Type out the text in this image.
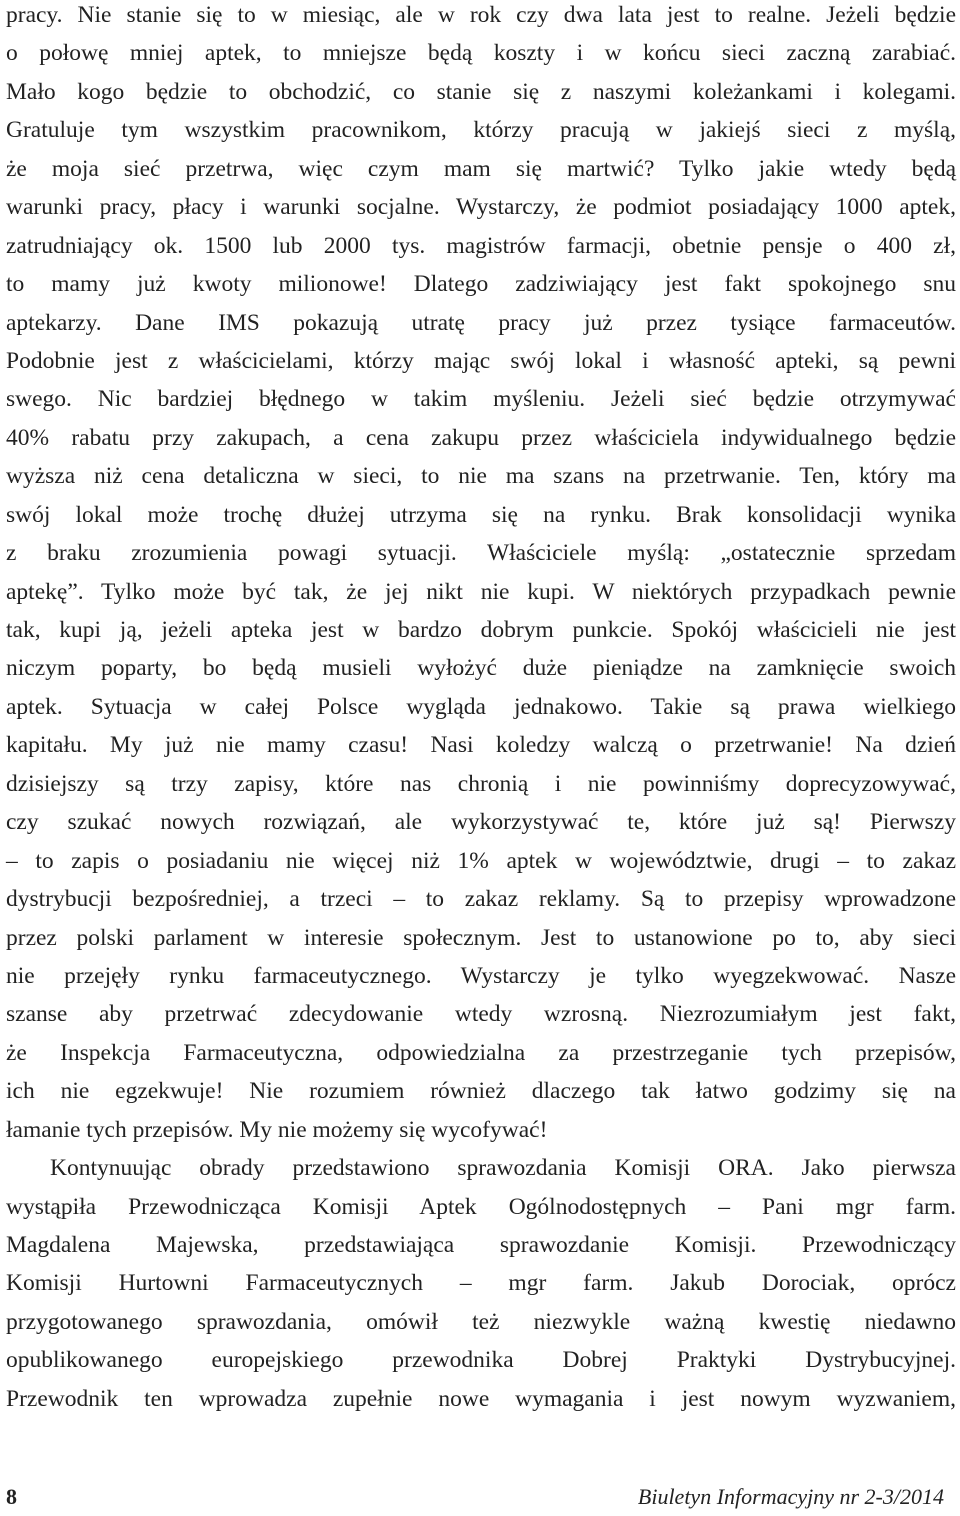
pracy. Nie stanie się to w miesiąc, ale w rok czy dwa lata jest to realne. Jeżeli będzie
o połowę mniej aptek, to mniejsze będą koszty i w końcu sieci zaczną zarabiać.
Mało kogo będzie to obchodzić, co stanie się z naszymi koleżankami i kolegami.
Gratuluje tym wszystkim pracownikom, którzy pracują w jakiejś sieci z myślą,
że moja sieć przetrwa, więc czym mam się martwić? Tylko jakie wtedy będą
warunki pracy, płacy i warunki socjalne. Wystarczy, że podmiot posiadający 1000 aptek,
zatrudniający ok. 1500 lub 2000 tys. magistrów farmacji, obetnie pensje o 400 zł,
to mamy już kwoty milionowe! Dlatego zadziwiający jest fakt spokojnego snu
aptekarzy. Dane IMS pokazują utratę pracy już przez tysiące farmaceutów.
Podobnie jest z właścicielami, którzy mając swój lokal i własność apteki, są pewni
swego. Nic bardziej błędnego w takim myśleniu. Jeżeli sieć będzie otrzymywać
40% rabatu przy zakupach, a cena zakupu przez właściciela indywidualnego będzie
wyższa niż cena detaliczna w sieci, to nie ma szans na przetrwanie. Ten, który ma
swój lokal może trochę dłużej utrzyma się na rynku. Brak konsolidacji wynika
z braku zrozumienia powagi sytuacji. Właściciele myślą: „ostatecznie sprzedam
aptekę”. Tylko może być tak, że jej nikt nie kupi. W niektórych przypadkach pewnie
tak, kupi ją, jeżeli apteka jest w bardzo dobrym punkcie. Spokój właścicieli nie jest
niczym poparty, bo będą musieli wyłożyć duże pieniądze na zamknięcie swoich
aptek. Sytuacja w całej Polsce wygląda jednakowo. Takie są prawa wielkiego
kapitału. My już nie mamy czasu! Nasi koledzy walczą o przetrwanie! Na dzień
dzisiejszy są trzy zapisy, które nas chronią i nie powinniśmy doprecyzowywać,
czy szukać nowych rozwiązań, ale wykorzystywać te, które już są! Pierwszy
– to zapis o posiadaniu nie więcej niż 1% aptek w województwie, drugi – to zakaz
dystrybucji bezpośredniej, a trzeci – to zakaz reklamy. Są to przepisy wprowadzone
przez polski parlament w interesie społecznym. Jest to ustanowione po to, aby sieci
nie przejęły rynku farmaceutycznego. Wystarczy je tylko wyegzekwować. Nasze
szanse aby przetrwać zdecydowanie wtedy wzrosną. Niezrozumiałym jest fakt,
że Inspekcja Farmaceutyczna, odpowiedzialna za przestrzeganie tych przepisów,
ich nie egzekwuje! Nie rozumiem również dlaczego tak łatwo godzimy się na
łamanie tych przepisów. My nie możemy się wycofywać!
Kontynuując obrady przedstawiono sprawozdania Komisji ORA. Jako pierwsza
wystąpiła Przewodnicząca Komisji Aptek Ogólnodostępnych – Pani mgr farm.
Magdalena Majewska, przedstawiająca sprawozdanie Komisji. Przewodniczący
Komisji Hurtowni Farmaceutycznych – mgr farm. Jakub Dorociak, oprócz
przygotowanego sprawozdania, omówił też niezwykle ważną kwestię niedawno
opublikowanego europejskiego przewodnika Dobrej Praktyki Dystrybucyjnej.
Przewodnik ten wprowadza zupełnie nowe wymagania i jest nowym wyzwaniem,
8	Biuletyn Informacyjny nr 2-3/2014
